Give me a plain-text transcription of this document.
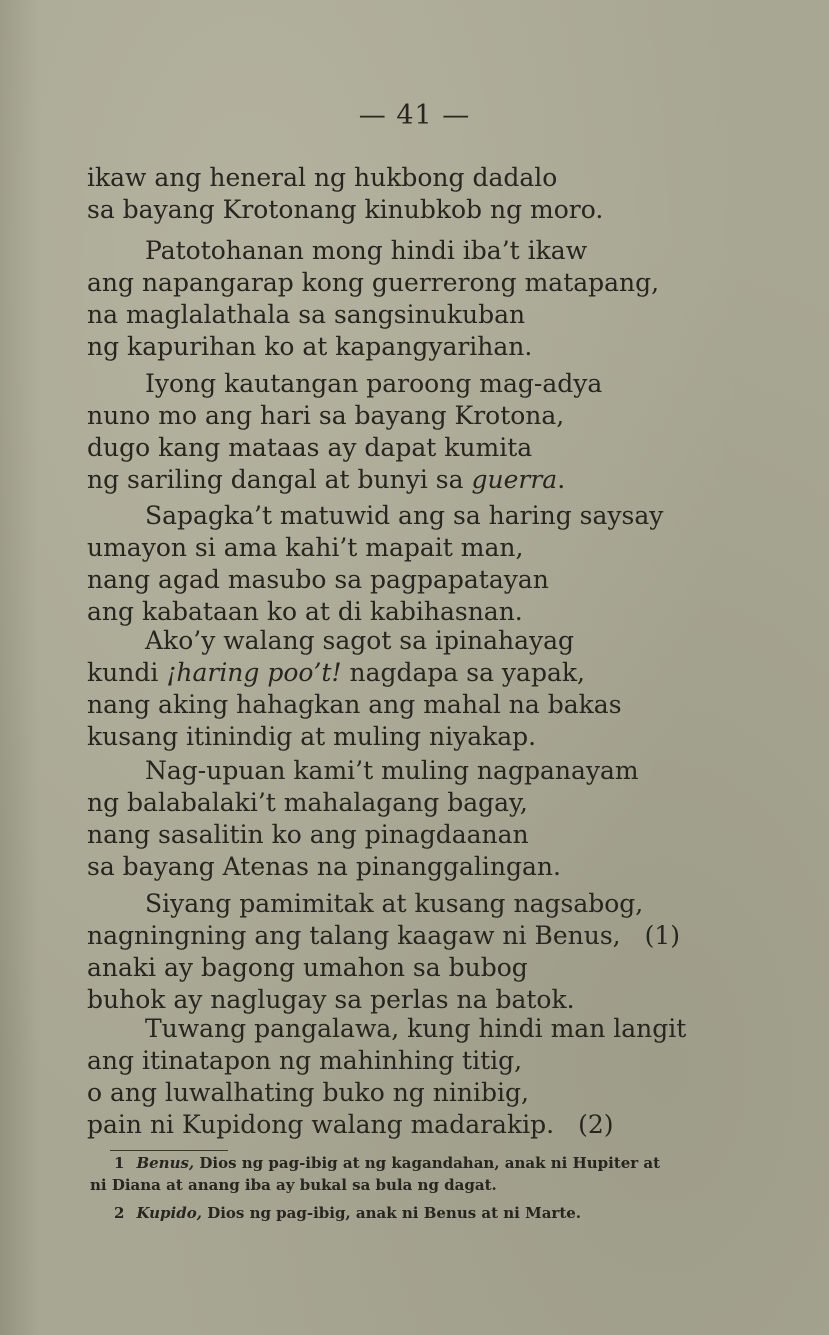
— 41 —
ikaw ang heneral ng hukbong dadalo
sa bayang Krotonang kinubkob ng moro.
Patotohanan mong hindi iba’t ikaw
ang napangarap kong guerrerong matapang,
na maglalathala sa sangsinukuban
ng kapurihan ko at kapangyarihan.
Iyong kautangan paroong mag-adya
nuno mo ang hari sa bayang Krotona,
dugo kang mataas ay dapat kumita
ng sariling dangal at bunyi sa guerra.
Sapagka’t matuwid ang sa haring saysay
umayon si ama kahi’t mapait man,
nang agad masubo sa pagpapatayan
ang kabataan ko at di kabihasnan.
Ako’y walang sagot sa ipinahayag
kundi ¡haring poo’t! nagdapa sa yapak,
nang aking hahagkan ang mahal na bakas
kusang itinindig at muling niyakap.
Nag-upuan kami’t muling nagpanayam
ng balabalaki’t mahalagang bagay,
nang sasalitin ko ang pinagdaanan
sa bayang Atenas na pinanggalingan.
Siyang pamimitak at kusang nagsabog,
nagningning ang talang kaagaw ni Benus, (1)
anaki ay bagong umahon sa bubog
buhok ay naglugay sa perlas na batok.
Tuwang pangalawa, kung hindi man langit
ang itinatapon ng mahinhing titig,
o ang luwalhating buko ng ninibig,
pain ni Kupidong walang madarakip. (2)
1 Benus, Dios ng pag-ibig at ng kagandahan, anak ni Hupiter at
ni Diana at anang iba ay bukal sa bula ng dagat.
2 Kupido, Dios ng pag-ibig, anak ni Benus at ni Marte.
